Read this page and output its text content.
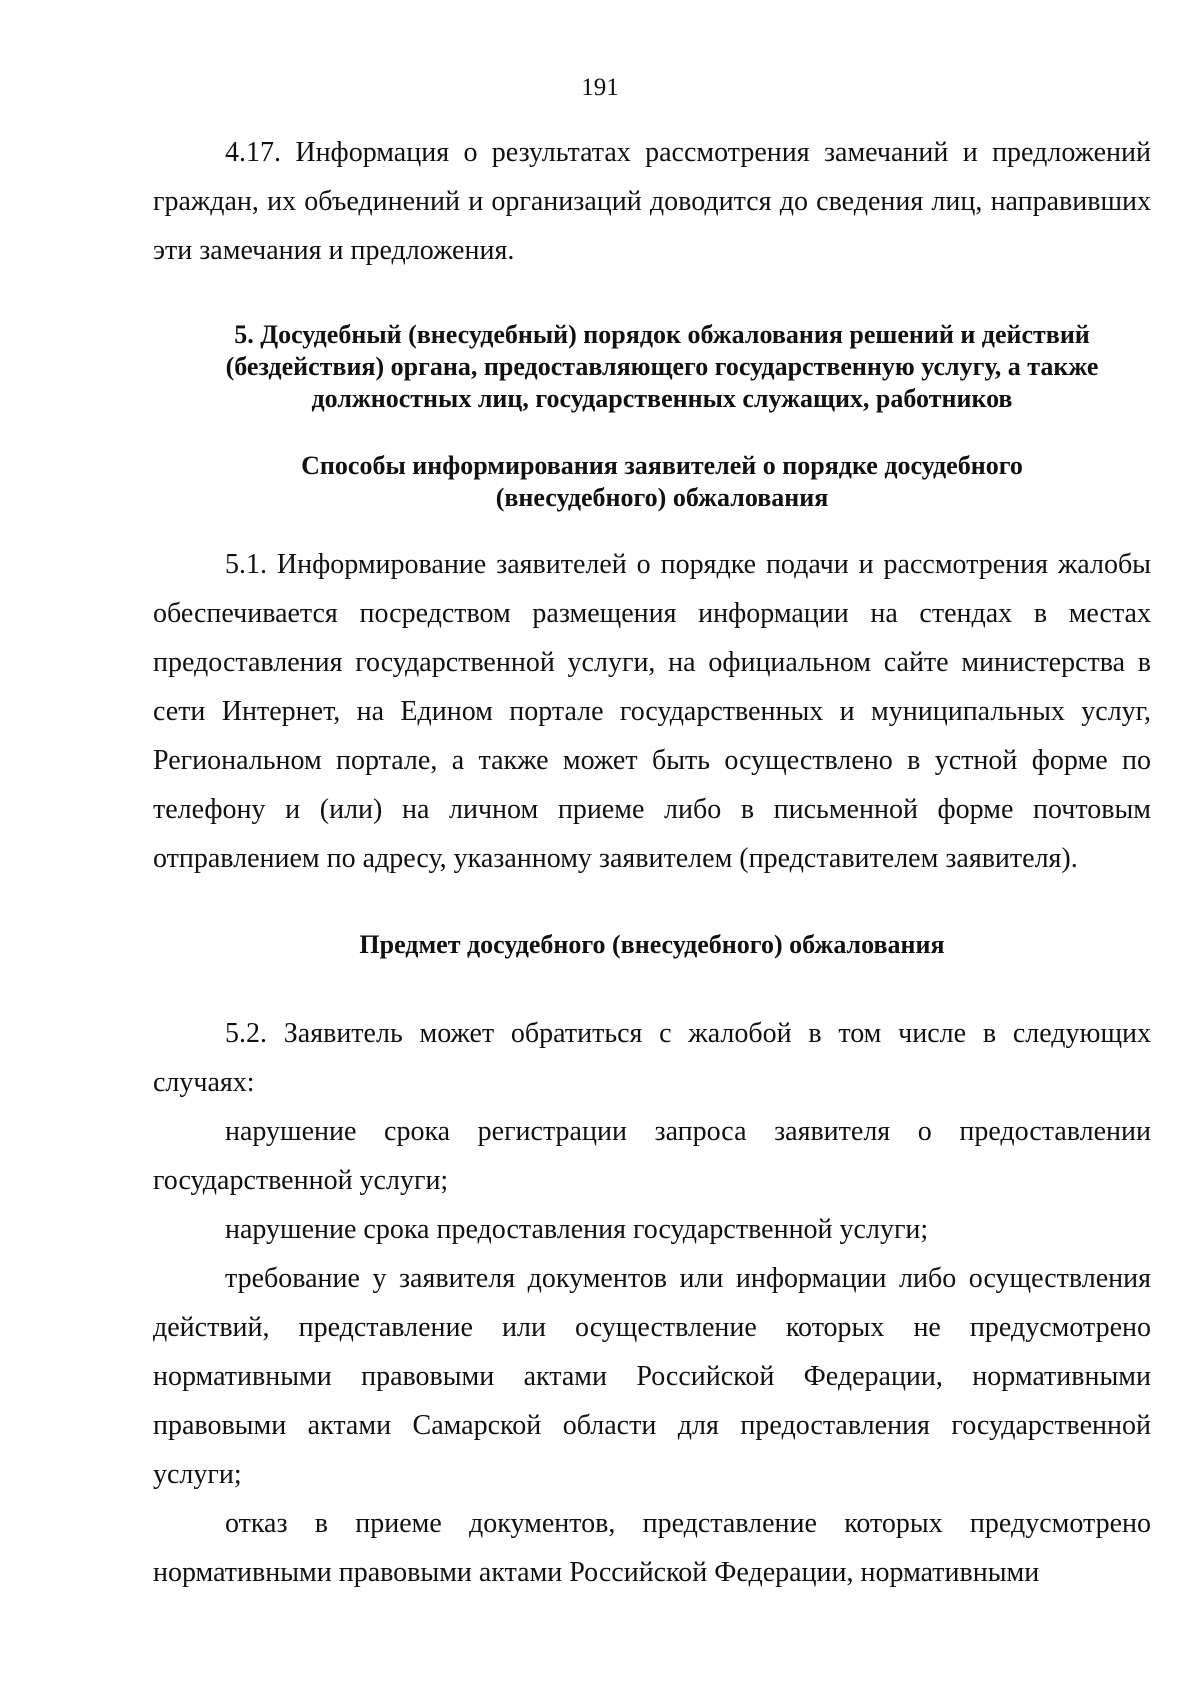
191

4.17. Информация о результатах рассмотрения замечаний и предложений граждан, их объединений и организаций доводится до сведения лиц, направивших эти замечания и предложения.

5. Досудебный (внесудебный) порядок обжалования решений и действий (бездействия) органа, предоставляющего государственную услугу, а также должностных лиц, государственных служащих, работников
Способы информирования заявителей о порядке досудебного (внесудебного) обжалования

5.1. Информирование заявителей о порядке подачи и рассмотрения жалобы обеспечивается посредством размещения информации на стендах в местах предоставления государственной услуги, на официальном сайте министерства в сети Интернет, на Едином портале государственных и муниципальных услуг, Региональном портале, а также может быть осуществлено в устной форме по телефону и (или) на личном приеме либо в письменной форме почтовым отправлением по адресу, указанному заявителем (представителем заявителя).

Предмет досудебного (внесудебного) обжалования

5.2. Заявитель может обратиться с жалобой в том числе в следующих случаях:

нарушение срока регистрации запроса заявителя о предоставлении государственной услуги;

нарушение срока предоставления государственной услуги;

требование у заявителя документов или информации либо осуществления действий, представление или осуществление которых не предусмотрено нормативными правовыми актами Российской Федерации, нормативными правовыми актами Самарской области для предоставления государственной услуги;

отказ в приеме документов, представление которых предусмотрено нормативными правовыми актами Российской Федерации, нормативными
